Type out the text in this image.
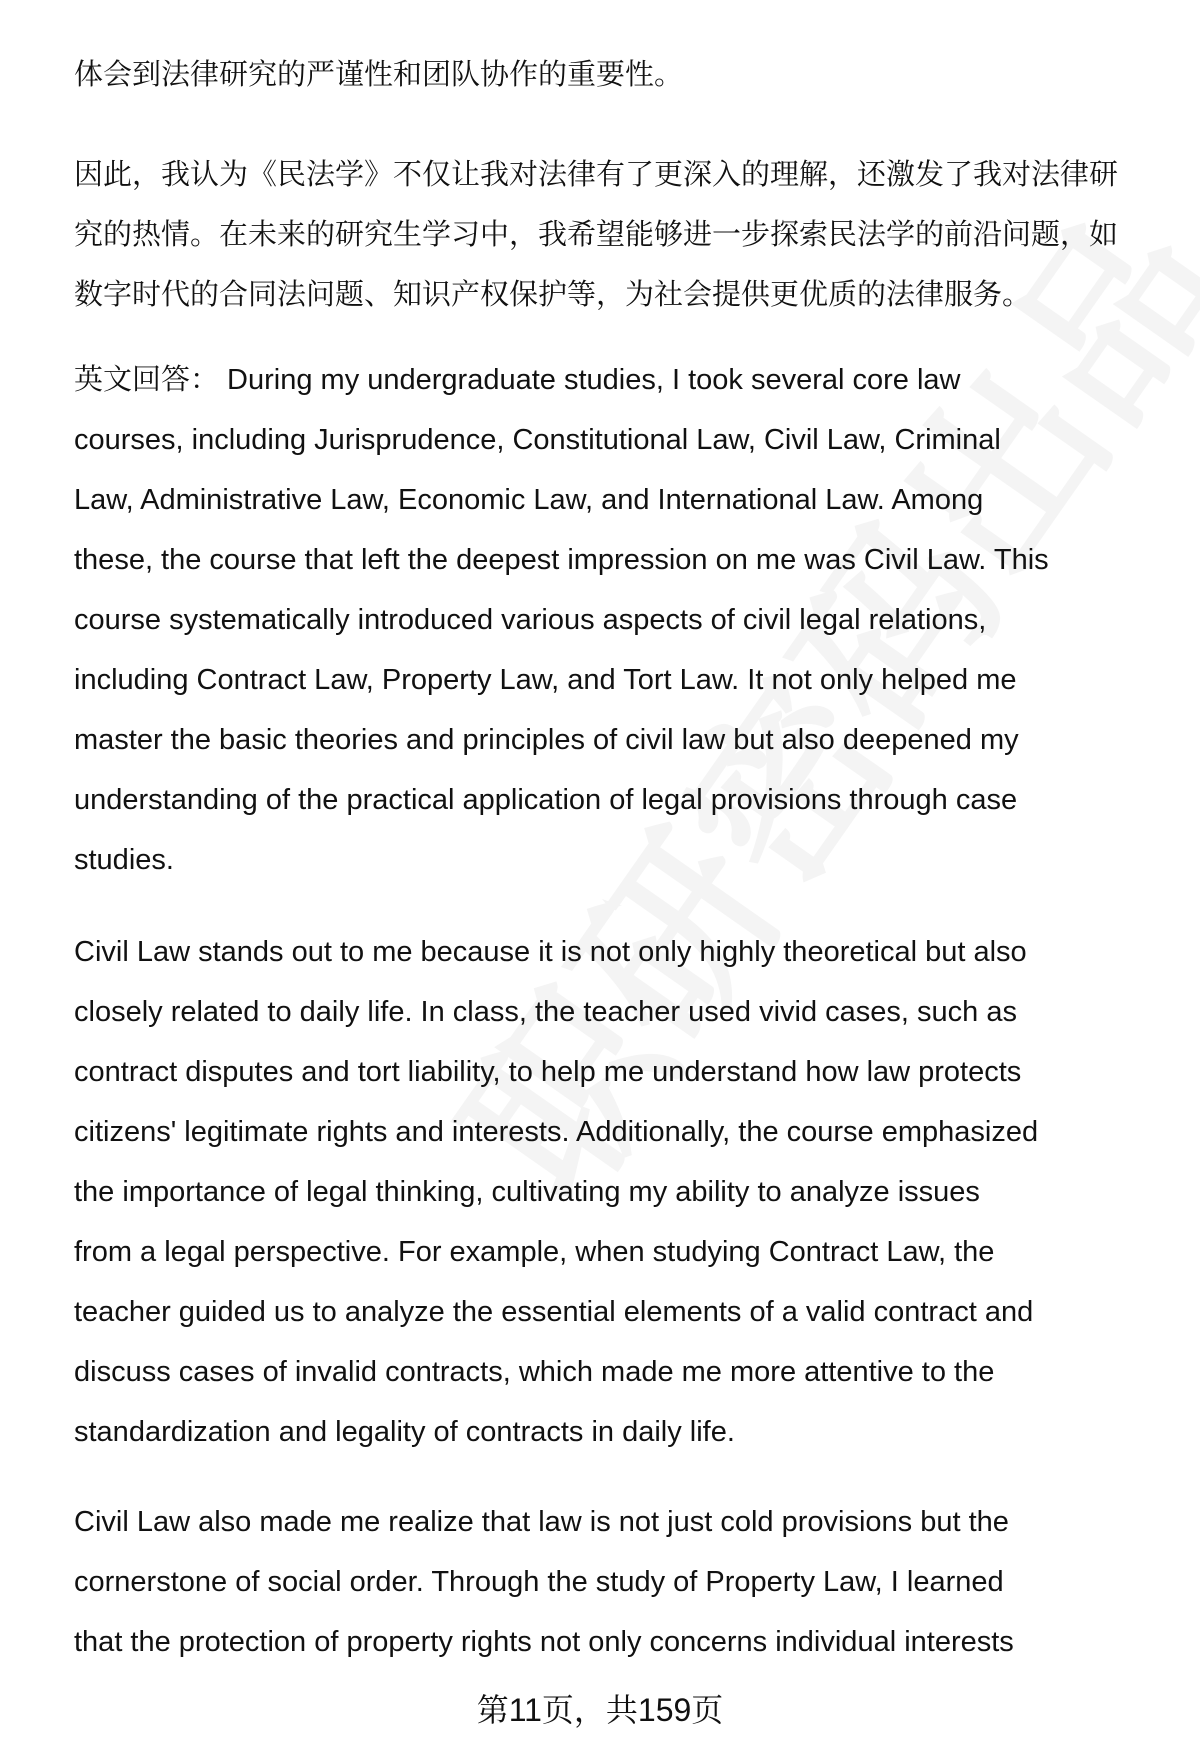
体会到法律研究的严谨性和团队协作的重要性。
因此，我认为《民法学》不仅让我对法律有了更深入的理解，还激发了我对法律研
究的热情。在未来的研究生学习中，我希望能够进一步探索民法学的前沿问题，如
数字时代的合同法问题、知识产权保护等，为社会提供更优质的法律服务。
英文回答： During my undergraduate studies, I took several core law
courses, including Jurisprudence, Constitutional Law, Civil Law, Criminal
Law, Administrative Law, Economic Law, and International Law. Among
these, the course that left the deepest impression on me was Civil Law. This
course systematically introduced various aspects of civil legal relations,
including Contract Law, Property Law, and Tort Law. It not only helped me
master the basic theories and principles of civil law but also deepened my
understanding of the practical application of legal provisions through case
studies.
Civil Law stands out to me because it is not only highly theoretical but also
closely related to daily life. In class, the teacher used vivid cases, such as
contract disputes and tort liability, to help me understand how law protects
citizens' legitimate rights and interests. Additionally, the course emphasized
the importance of legal thinking, cultivating my ability to analyze issues
from a legal perspective. For example, when studying Contract Law, the
teacher guided us to analyze the essential elements of a valid contract and
discuss cases of invalid contracts, which made me more attentive to the
standardization and legality of contracts in daily life.
Civil Law also made me realize that law is not just cold provisions but the
cornerstone of social order. Through the study of Property Law, I learned
that the protection of property rights not only concerns individual interests
第11页，共159页
